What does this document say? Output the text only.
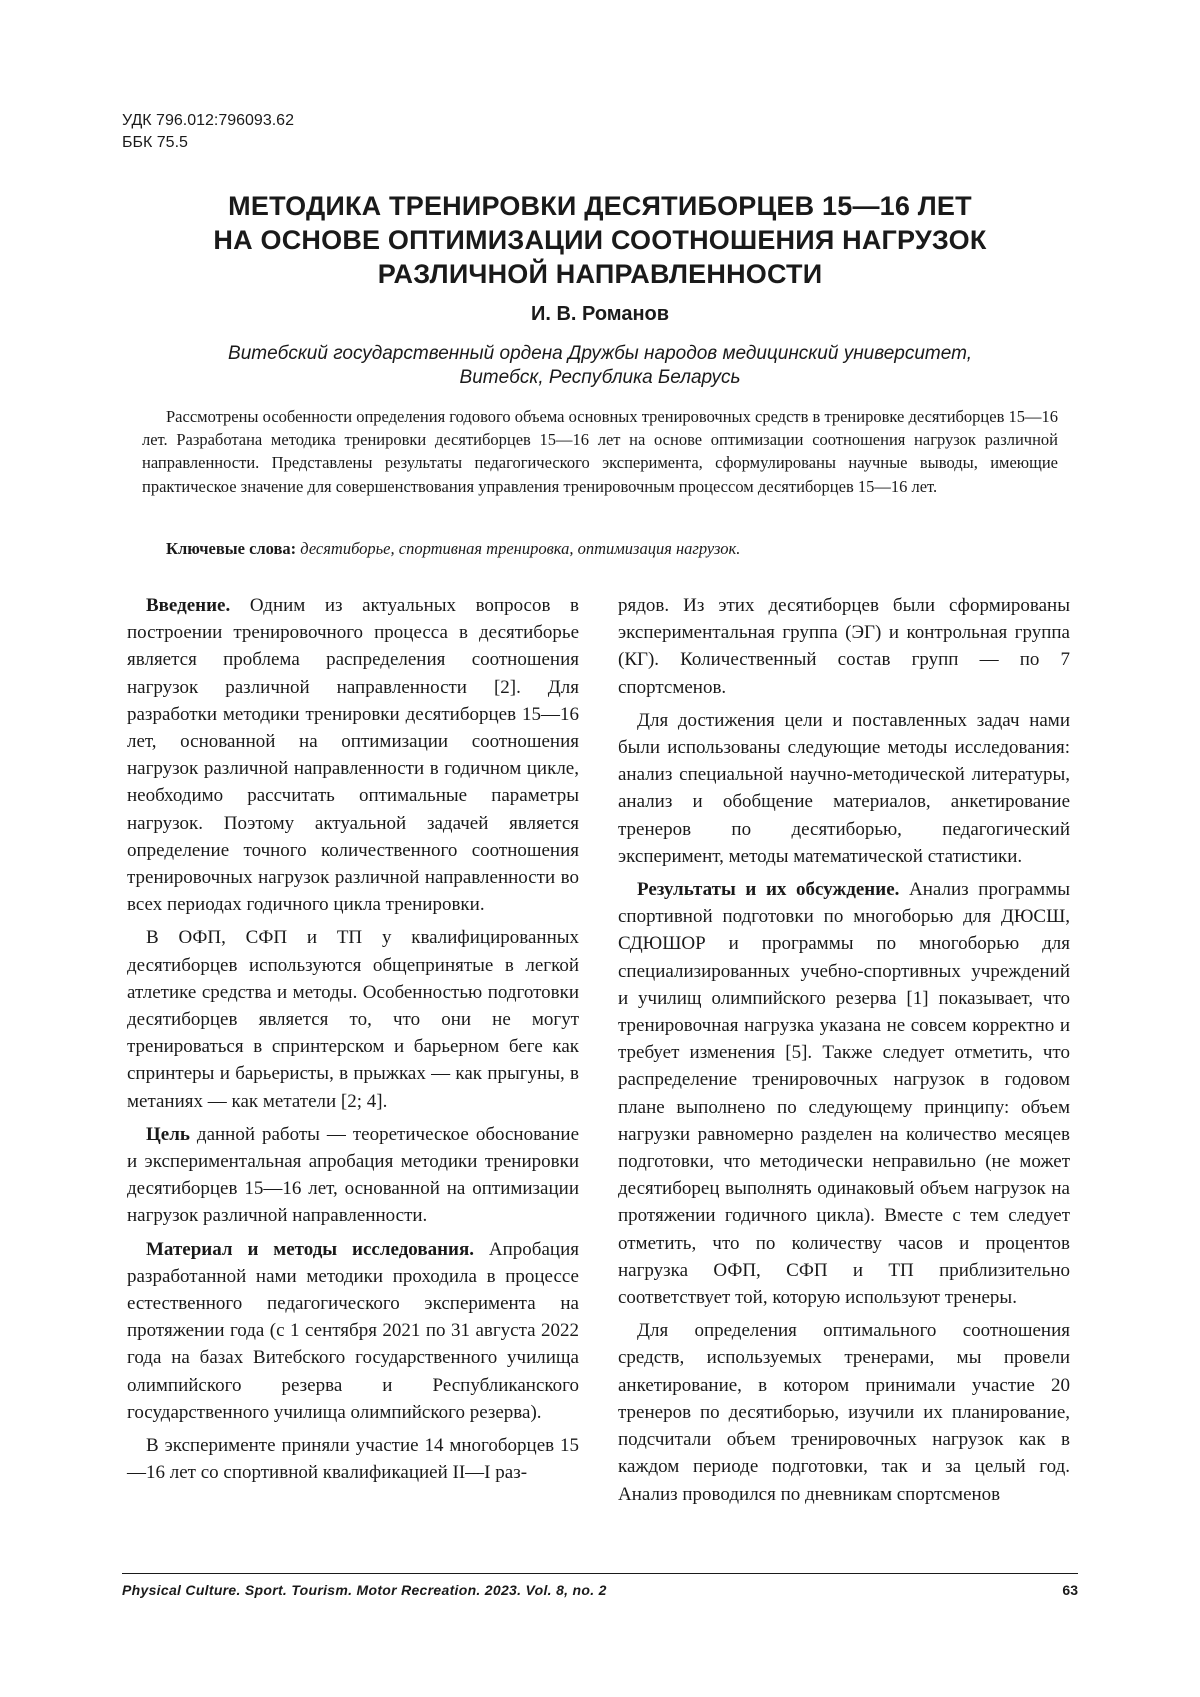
УДК 796.012:796093.62
ББК 75.5
МЕТОДИКА ТРЕНИРОВКИ ДЕСЯТИБОРЦЕВ 15—16 ЛЕТ
НА ОСНОВЕ ОПТИМИЗАЦИИ СООТНОШЕНИЯ НАГРУЗОК
РАЗЛИЧНОЙ НАПРАВЛЕННОСТИ
И. В. Романов
Витебский государственный ордена Дружбы народов медицинский университет,
Витебск, Республика Беларусь
Рассмотрены особенности определения годового объема основных тренировочных средств в тренировке десятиборцев 15—16 лет. Разработана методика тренировки десятиборцев 15—16 лет на основе оптимизации соотношения нагрузок различной направленности. Представлены результаты педагогического эксперимента, сформулированы научные выводы, имеющие практическое значение для совершенствования управления тренировочным процессом десятиборцев 15—16 лет.
Ключевые слова: десятиборье, спортивная тренировка, оптимизация нагрузок.

Введение. Одним из актуальных вопросов в построении тренировочного процесса в десятиборье является проблема распределения соотношения нагрузок различной направленности [2]. Для разработки методики тренировки десятиборцев 15—16 лет, основанной на оптимизации соотношения нагрузок различной направленности в годичном цикле, необходимо рассчитать оптимальные параметры нагрузок. Поэтому актуальной задачей является определение точного количественного соотношения тренировочных нагрузок различной направленности во всех периодах годичного цикла тренировки.

В ОФП, СФП и ТП у квалифицированных десятиборцев используются общепринятые в легкой атлетике средства и методы. Особенностью подготовки десятиборцев является то, что они не могут тренироваться в спринтерском и барьерном беге как спринтеры и барьеристы, в прыжках — как прыгуны, в метаниях — как метатели [2; 4].

Цель данной работы — теоретическое обоснование и экспериментальная апробация методики тренировки десятиборцев 15—16 лет, основанной на оптимизации нагрузок различной направленности.

Материал и методы исследования. Апробация разработанной нами методики проходила в процессе естественного педагогического эксперимента на протяжении года (с 1 сентября 2021 по 31 августа 2022 года на базах Витебского государственного училища олимпийского резерва и Республиканского государственного училища олимпийского резерва).

В эксперименте приняли участие 14 многоборцев 15—16 лет со спортивной квалификацией II—I раз-

рядов. Из этих десятиборцев были сформированы экспериментальная группа (ЭГ) и контрольная группа (КГ). Количественный состав групп — по 7 спортсменов.

Для достижения цели и поставленных задач нами были использованы следующие методы исследования: анализ специальной научно-методической литературы, анализ и обобщение материалов, анкетирование тренеров по десятиборью, педагогический эксперимент, методы математической статистики.

Результаты и их обсуждение. Анализ программы спортивной подготовки по многоборью для ДЮСШ, СДЮШОР и программы по многоборью для специализированных учебно-спортивных учреждений и училищ олимпийского резерва [1] показывает, что тренировочная нагрузка указана не совсем корректно и требует изменения [5]. Также следует отметить, что распределение тренировочных нагрузок в годовом плане выполнено по следующему принципу: объем нагрузки равномерно разделен на количество месяцев подготовки, что методически неправильно (не может десятиборец выполнять одинаковый объем нагрузок на протяжении годичного цикла). Вместе с тем следует отметить, что по количеству часов и процентов нагрузка ОФП, СФП и ТП приблизительно соответствует той, которую используют тренеры.

Для определения оптимального соотношения средств, используемых тренерами, мы провели анкетирование, в котором принимали участие 20 тренеров по десятиборью, изучили их планирование, подсчитали объем тренировочных нагрузок как в каждом периоде подготовки, так и за целый год. Анализ проводился по дневникам спортсменов

Physical Culture. Sport. Tourism. Motor Recreation. 2023. Vol. 8, no. 2	63
